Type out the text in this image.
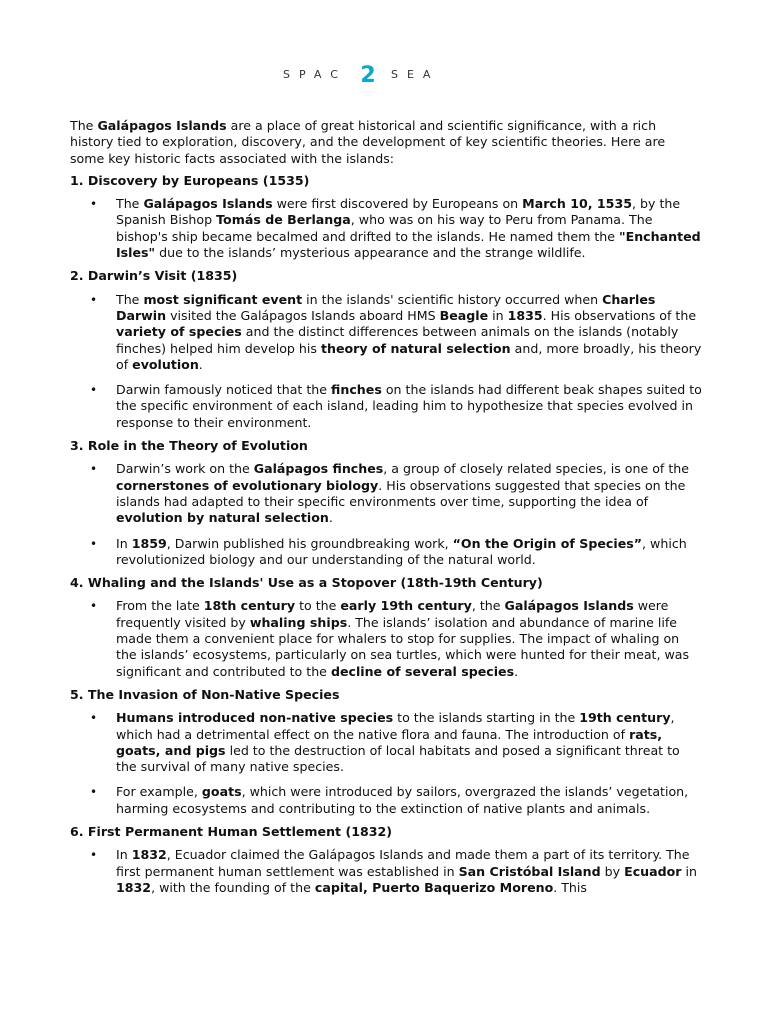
SPAC 2 SEA

The Galápagos Islands are a place of great historical and scientific significance, with a rich history tied to exploration, discovery, and the development of key scientific theories. Here are some key historic facts associated with the islands:

1. Discovery by Europeans (1535)

• The Galápagos Islands were first discovered by Europeans on March 10, 1535, by the Spanish Bishop Tomás de Berlanga, who was on his way to Peru from Panama. The bishop's ship became becalmed and drifted to the islands. He named them the "Enchanted Isles" due to the islands’ mysterious appearance and the strange wildlife.

2. Darwin’s Visit (1835)

• The most significant event in the islands' scientific history occurred when Charles Darwin visited the Galápagos Islands aboard HMS Beagle in 1835. His observations of the variety of species and the distinct differences between animals on the islands (notably finches) helped him develop his theory of natural selection and, more broadly, his theory of evolution.
• Darwin famously noticed that the finches on the islands had different beak shapes suited to the specific environment of each island, leading him to hypothesize that species evolved in response to their environment.

3. Role in the Theory of Evolution

• Darwin’s work on the Galápagos finches, a group of closely related species, is one of the cornerstones of evolutionary biology. His observations suggested that species on the islands had adapted to their specific environments over time, supporting the idea of evolution by natural selection.
• In 1859, Darwin published his groundbreaking work, “On the Origin of Species”, which revolutionized biology and our understanding of the natural world.

4. Whaling and the Islands' Use as a Stopover (18th-19th Century)

• From the late 18th century to the early 19th century, the Galápagos Islands were frequently visited by whaling ships. The islands’ isolation and abundance of marine life made them a convenient place for whalers to stop for supplies. The impact of whaling on the islands’ ecosystems, particularly on sea turtles, which were hunted for their meat, was significant and contributed to the decline of several species.

5. The Invasion of Non-Native Species

• Humans introduced non-native species to the islands starting in the 19th century, which had a detrimental effect on the native flora and fauna. The introduction of rats, goats, and pigs led to the destruction of local habitats and posed a significant threat to the survival of many native species.
• For example, goats, which were introduced by sailors, overgrazed the islands’ vegetation, harming ecosystems and contributing to the extinction of native plants and animals.

6. First Permanent Human Settlement (1832)

• In 1832, Ecuador claimed the Galápagos Islands and made them a part of its territory. The first permanent human settlement was established in San Cristóbal Island by Ecuador in 1832, with the founding of the capital, Puerto Baquerizo Moreno. This
